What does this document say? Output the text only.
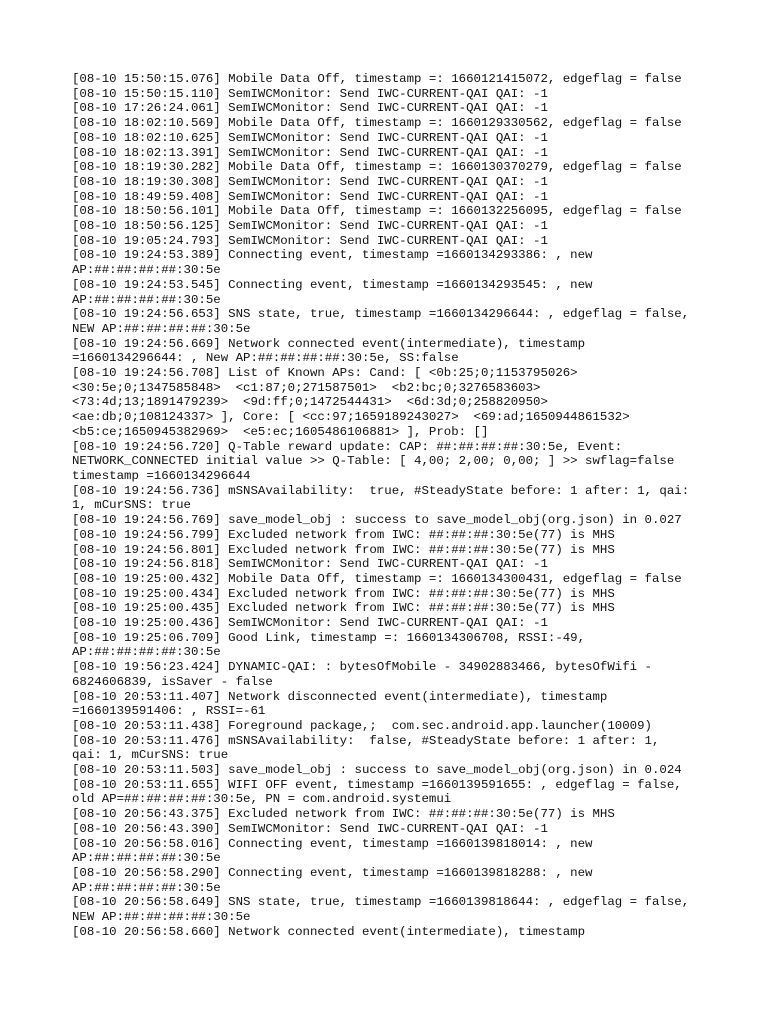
[08-10 15:50:15.076] Mobile Data Off, timestamp =: 1660121415072, edgeflag = false
[08-10 15:50:15.110] SemIWCMonitor: Send IWC-CURRENT-QAI QAI: -1
[08-10 17:26:24.061] SemIWCMonitor: Send IWC-CURRENT-QAI QAI: -1
[08-10 18:02:10.569] Mobile Data Off, timestamp =: 1660129330562, edgeflag = false
[08-10 18:02:10.625] SemIWCMonitor: Send IWC-CURRENT-QAI QAI: -1
[08-10 18:02:13.391] SemIWCMonitor: Send IWC-CURRENT-QAI QAI: -1
[08-10 18:19:30.282] Mobile Data Off, timestamp =: 1660130370279, edgeflag = false
[08-10 18:19:30.308] SemIWCMonitor: Send IWC-CURRENT-QAI QAI: -1
[08-10 18:49:59.408] SemIWCMonitor: Send IWC-CURRENT-QAI QAI: -1
[08-10 18:50:56.101] Mobile Data Off, timestamp =: 1660132256095, edgeflag = false
[08-10 18:50:56.125] SemIWCMonitor: Send IWC-CURRENT-QAI QAI: -1
[08-10 19:05:24.793] SemIWCMonitor: Send IWC-CURRENT-QAI QAI: -1
[08-10 19:24:53.389] Connecting event, timestamp =1660134293386: , new
AP:##:##:##:##:30:5e
[08-10 19:24:53.545] Connecting event, timestamp =1660134293545: , new
AP:##:##:##:##:30:5e
[08-10 19:24:56.653] SNS state, true, timestamp =1660134296644: , edgeflag = false,
NEW AP:##:##:##:##:30:5e
[08-10 19:24:56.669] Network connected event(intermediate), timestamp
=1660134296644: , New AP:##:##:##:##:30:5e, SS:false
[08-10 19:24:56.708] List of Known APs: Cand: [ <0b:25;0;1153795026>
<30:5e;0;1347585848>  <c1:87;0;271587501>  <b2:bc;0;3276583603>
<73:4d;13;1891479239>  <9d:ff;0;1472544431>  <6d:3d;0;258820950>
<ae:db;0;108124337> ], Core: [ <cc:97;1659189243027>  <69:ad;1650944861532>
<b5:ce;1650945382969>  <e5:ec;1605486106881> ], Prob: []
[08-10 19:24:56.720] Q-Table reward update: CAP: ##:##:##:##:30:5e, Event:
NETWORK_CONNECTED initial value >> Q-Table: [ 4,00; 2,00; 0,00; ] >> swflag=false
timestamp =1660134296644
[08-10 19:24:56.736] mSNSAvailability:  true, #SteadyState before: 1 after: 1, qai:
1, mCurSNS: true
[08-10 19:24:56.769] save_model_obj : success to save_model_obj(org.json) in 0.027
[08-10 19:24:56.799] Excluded network from IWC: ##:##:##:30:5e(77) is MHS
[08-10 19:24:56.801] Excluded network from IWC: ##:##:##:30:5e(77) is MHS
[08-10 19:24:56.818] SemIWCMonitor: Send IWC-CURRENT-QAI QAI: -1
[08-10 19:25:00.432] Mobile Data Off, timestamp =: 1660134300431, edgeflag = false
[08-10 19:25:00.434] Excluded network from IWC: ##:##:##:30:5e(77) is MHS
[08-10 19:25:00.435] Excluded network from IWC: ##:##:##:30:5e(77) is MHS
[08-10 19:25:00.436] SemIWCMonitor: Send IWC-CURRENT-QAI QAI: -1
[08-10 19:25:06.709] Good Link, timestamp =: 1660134306708, RSSI:-49,
AP:##:##:##:##:30:5e
[08-10 19:56:23.424] DYNAMIC-QAI: : bytesOfMobile - 34902883466, bytesOfWifi -
6824606839, isSaver - false
[08-10 20:53:11.407] Network disconnected event(intermediate), timestamp
=1660139591406: , RSSI=-61
[08-10 20:53:11.438] Foreground package,;  com.sec.android.app.launcher(10009)
[08-10 20:53:11.476] mSNSAvailability:  false, #SteadyState before: 1 after: 1,
qai: 1, mCurSNS: true
[08-10 20:53:11.503] save_model_obj : success to save_model_obj(org.json) in 0.024
[08-10 20:53:11.655] WIFI OFF event, timestamp =1660139591655: , edgeflag = false,
old AP=##:##:##:##:30:5e, PN = com.android.systemui
[08-10 20:56:43.375] Excluded network from IWC: ##:##:##:30:5e(77) is MHS
[08-10 20:56:43.390] SemIWCMonitor: Send IWC-CURRENT-QAI QAI: -1
[08-10 20:56:58.016] Connecting event, timestamp =1660139818014: , new
AP:##:##:##:##:30:5e
[08-10 20:56:58.290] Connecting event, timestamp =1660139818288: , new
AP:##:##:##:##:30:5e
[08-10 20:56:58.649] SNS state, true, timestamp =1660139818644: , edgeflag = false,
NEW AP:##:##:##:##:30:5e
[08-10 20:56:58.660] Network connected event(intermediate), timestamp
